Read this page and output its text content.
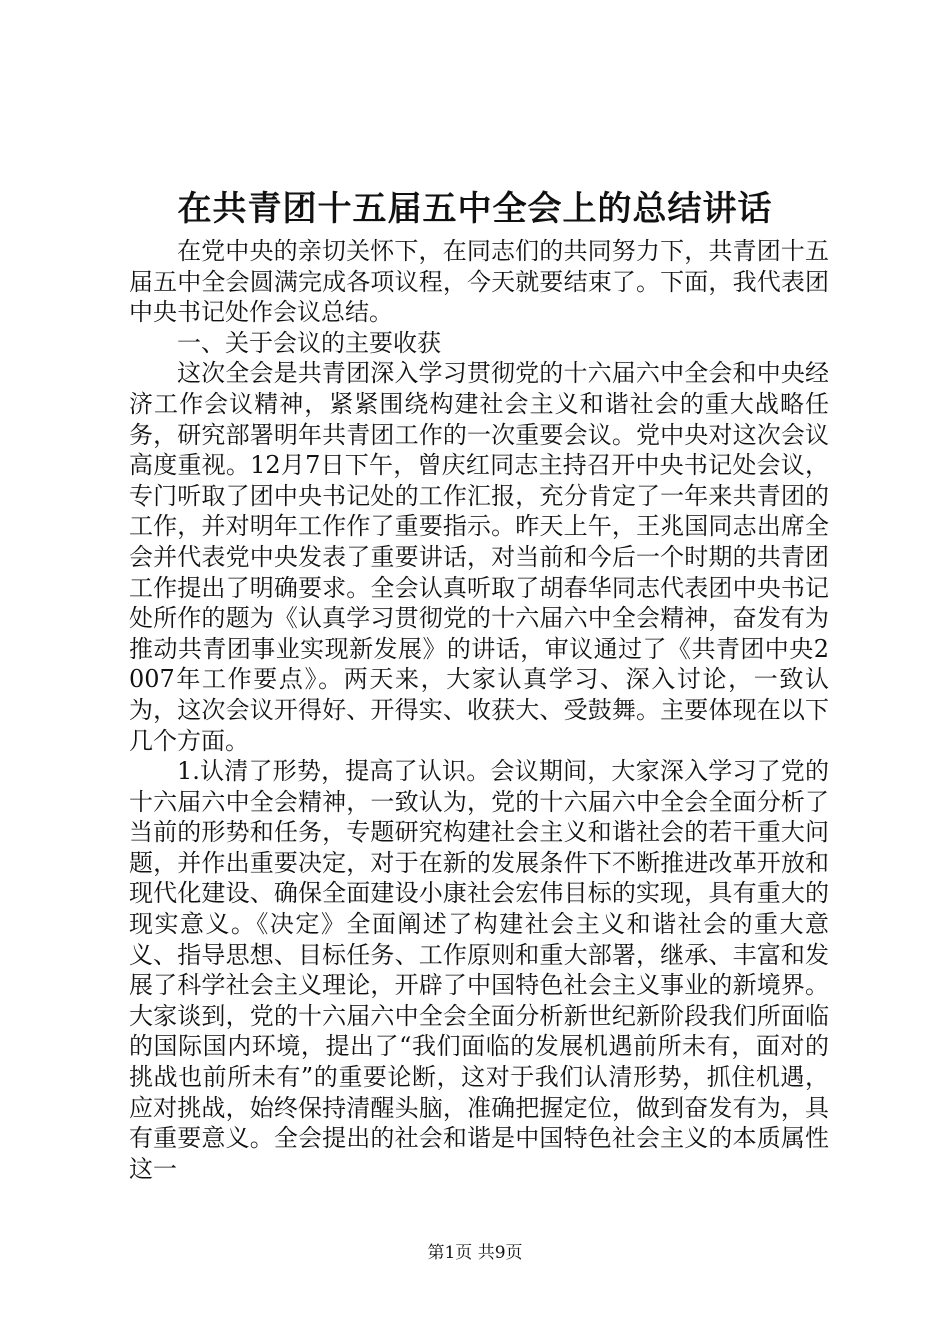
在共青团十五届五中全会上的总结讲话

在党中央的亲切关怀下，在同志们的共同努力下，共青团十五届五中全会圆满完成各项议程，今天就要结束了。下面，我代表团中央书记处作会议总结。

一、关于会议的主要收获

这次全会是共青团深入学习贯彻党的十六届六中全会和中央经济工作会议精神，紧紧围绕构建社会主义和谐社会的重大战略任务，研究部署明年共青团工作的一次重要会议。党中央对这次会议高度重视。12月7日下午，曾庆红同志主持召开中央书记处会议，专门听取了团中央书记处的工作汇报，充分肯定了一年来共青团的工作，并对明年工作作了重要指示。昨天上午，王兆国同志出席全会并代表党中央发表了重要讲话，对当前和今后一个时期的共青团工作提出了明确要求。全会认真听取了胡春华同志代表团中央书记处所作的题为《认真学习贯彻党的十六届六中全会精神，奋发有为推动共青团事业实现新发展》的讲话，审议通过了《共青团中央2007年工作要点》。两天来，大家认真学习、深入讨论，一致认为，这次会议开得好、开得实、收获大、受鼓舞。主要体现在以下几个方面。

1.认清了形势，提高了认识。会议期间，大家深入学习了党的十六届六中全会精神，一致认为，党的十六届六中全会全面分析了当前的形势和任务，专题研究构建社会主义和谐社会的若干重大问题，并作出重要决定，对于在新的发展条件下不断推进改革开放和现代化建设、确保全面建设小康社会宏伟目标的实现，具有重大的现实意义。《决定》全面阐述了构建社会主义和谐社会的重大意义、指导思想、目标任务、工作原则和重大部署，继承、丰富和发展了科学社会主义理论，开辟了中国特色社会主义事业的新境界。大家谈到，党的十六届六中全会全面分析新世纪新阶段我们所面临的国际国内环境，提出了“我们面临的发展机遇前所未有，面对的挑战也前所未有”的重要论断，这对于我们认清形势，抓住机遇，应对挑战，始终保持清醒头脑，准确把握定位，做到奋发有为，具有重要意义。全会提出的社会和谐是中国特色社会主义的本质属性这一

第1页 共9页
